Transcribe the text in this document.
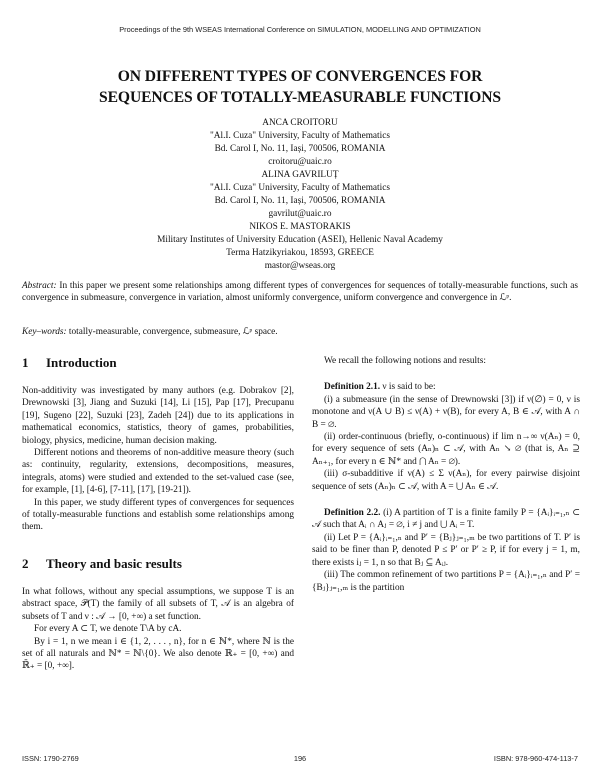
Proceedings of the 9th WSEAS International Conference on SIMULATION, MODELLING AND OPTIMIZATION
ON DIFFERENT TYPES OF CONVERGENCES FOR
SEQUENCES OF TOTALLY-MEASURABLE FUNCTIONS
ANCA CROITORU
"Al.I. Cuza" University, Faculty of Mathematics
Bd. Carol I, No. 11, Iași, 700506, ROMANIA
croitoru@uaic.ro
ALINA GAVRILUȚ
"Al.I. Cuza" University, Faculty of Mathematics
Bd. Carol I, No. 11, Iași, 700506, ROMANIA
gavrilut@uaic.ro
NIKOS E. MASTORAKIS
Military Institutes of University Education (ASEI), Hellenic Naval Academy
Terma Hatzikyriakou, 18593, GREECE
mastor@wseas.org
Abstract: In this paper we present some relationships among different types of convergences for sequences of totally-measurable functions, such as convergence in submeasure, convergence in variation, almost uniformly convergence, uniform convergence and convergence in ℒᵖ.
Key–words: totally-measurable, convergence, submeasure, ℒᵖ space.
1 Introduction

Non-additivity was investigated by many authors (e.g. Dobrakov [2], Drewnowski [3], Jiang and Suzuki [14], Li [15], Pap [17], Precupanu [19], Sugeno [22], Suzuki [23], Zadeh [24]) due to its applications in mathematical economics, statistics, theory of games, probabilities, biology, physics, medicine, human decision making.

Different notions and theorems of non-additive measure theory (such as: continuity, regularity, extensions, decompositions, measures, integrals, atoms) were studied and extended to the set-valued case (see, for example, [1], [4-6], [7-11], [17], [19-21]).

In this paper, we study different types of convergences for sequences of totally-measurable functions and establish some relationships among them.

2 Theory and basic results

In what follows, without any special assumptions, we suppose T is an abstract space, 𝒫(T) the family of all subsets of T, 𝒜 is an algebra of subsets of T and ν : 𝒜 → [0, +∞) a set function.

For every A ⊂ T, we denote T\A by cA.

By i = 1, n we mean i ∈ {1, 2, . . . , n}, for n ∈ ℕ*, where ℕ is the set of all naturals and ℕ* = ℕ\{0}. We also denote ℝ₊ = [0, +∞) and ℝ̄₊ = [0, +∞].

We recall the following notions and results:

Definition 2.1. ν is said to be:

(i) a submeasure (in the sense of Drewnowski [3]) if ν(∅) = 0, ν is monotone and ν(A ∪ B) ≤ ν(A) + ν(B), for every A, B ∈ 𝒜, with A ∩ B = ∅.

(ii) order-continuous (briefly, o-continuous) if lim n→∞ ν(Aₙ) = 0, for every sequence of sets (Aₙ)ₙ ⊂ 𝒜, with Aₙ ↘ ∅ (that is, Aₙ ⊇ Aₙ₊₁, for every n ∈ ℕ* and ⋂ Aₙ = ∅).

(iii) σ-subadditive if ν(A) ≤ Σ ν(Aₙ), for every pairwise disjoint sequence of sets (Aₙ)ₙ ⊂ 𝒜, with A = ⋃ Aₙ ∈ 𝒜.

Definition 2.2. (i) A partition of T is a finite family P = {Aᵢ}ᵢ₌₁,ₙ ⊂ 𝒜 such that Aᵢ ∩ Aⱼ = ∅, i ≠ j and ⋃ Aᵢ = T.

(ii) Let P = {Aᵢ}ᵢ₌₁,ₙ and P′ = {Bⱼ}ⱼ₌₁,ₘ be two partitions of T. P′ is said to be finer than P, denoted P ≤ P′ or P′ ≥ P, if for every j = 1, m, there exists iⱼ = 1, n so that Bⱼ ⊆ Aᵢⱼ.

(iii) The common refinement of two partitions P = {Aᵢ}ᵢ₌₁,ₙ and P′ = {Bⱼ}ⱼ₌₁,ₘ is the partition

ISSN: 1790-2769	196	ISBN: 978-960-474-113-7
